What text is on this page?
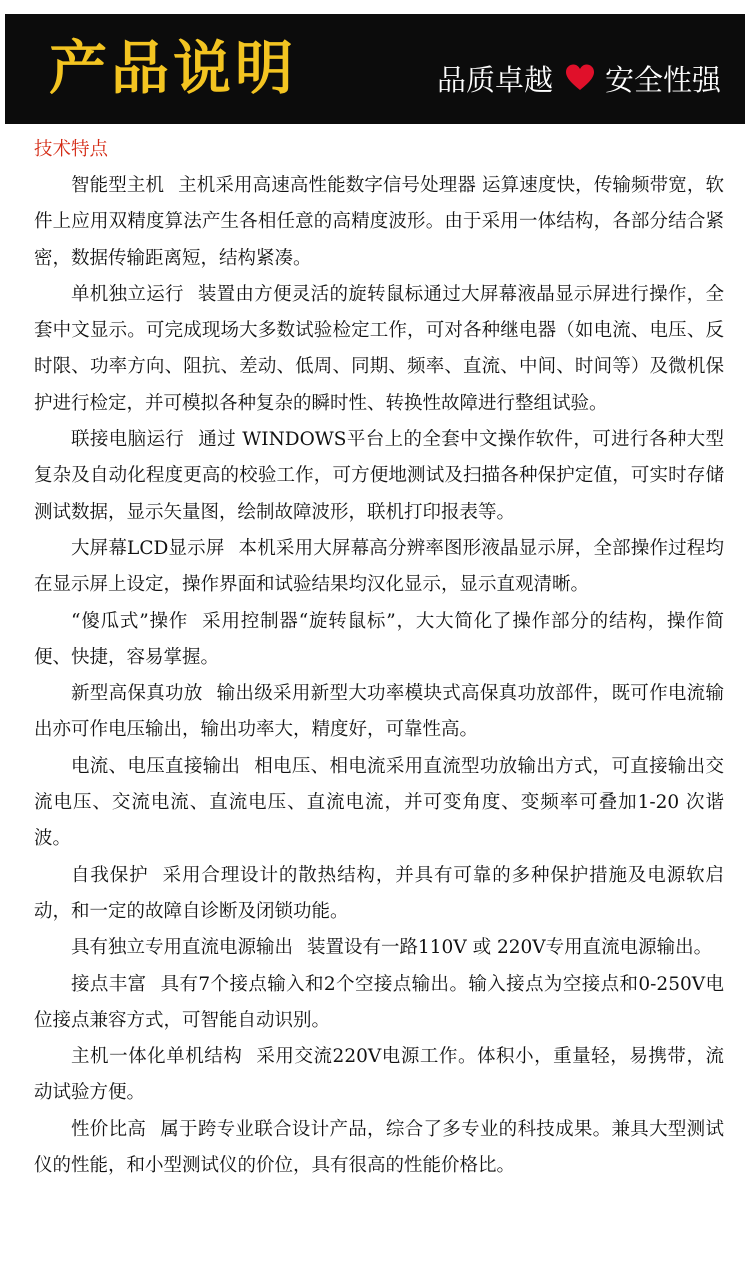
产品说明	品质卓越 安全性强
技术特点

智能型主机 主机采用高速高性能数字信号处理器 运算速度快，传输频带宽，软件上应用双精度算法产生各相任意的高精度波形。由于采用一体结构，各部分结合紧密，数据传输距离短，结构紧凑。

单机独立运行 装置由方便灵活的旋转鼠标通过大屏幕液晶显示屏进行操作，全套中文显示。可完成现场大多数试验检定工作，可对各种继电器（如电流、电压、反时限、功率方向、阻抗、差动、低周、同期、频率、直流、中间、时间等）及微机保护进行检定，并可模拟各种复杂的瞬时性、转换性故障进行整组试验。

联接电脑运行 通过 WINDOWS平台上的全套中文操作软件，可进行各种大型复杂及自动化程度更高的校验工作，可方便地测试及扫描各种保护定值，可实时存储测试数据，显示矢量图，绘制故障波形，联机打印报表等。

大屏幕LCD显示屏 本机采用大屏幕高分辨率图形液晶显示屏，全部操作过程均在显示屏上设定，操作界面和试验结果均汉化显示，显示直观清晰。

“傻瓜式”操作 采用控制器“旋转鼠标”，大大简化了操作部分的结构，操作简便、快捷，容易掌握。

新型高保真功放 输出级采用新型大功率模块式高保真功放部件，既可作电流输出亦可作电压输出，输出功率大，精度好，可靠性高。

电流、电压直接输出 相电压、相电流采用直流型功放输出方式，可直接输出交流电压、交流电流、直流电压、直流电流，并可变角度、变频率可叠加1-20 次谐波。

自我保护 采用合理设计的散热结构，并具有可靠的多种保护措施及电源软启动，和一定的故障自诊断及闭锁功能。

具有独立专用直流电源输出 装置设有一路110V 或 220V专用直流电源输出。

接点丰富 具有7个接点输入和2个空接点输出。输入接点为空接点和0-250V电位接点兼容方式，可智能自动识别。

主机一体化单机结构 采用交流220V电源工作。体积小，重量轻，易携带，流动试验方便。

性价比高 属于跨专业联合设计产品，综合了多专业的科技成果。兼具大型测试仪的性能，和小型测试仪的价位，具有很高的性能价格比。
